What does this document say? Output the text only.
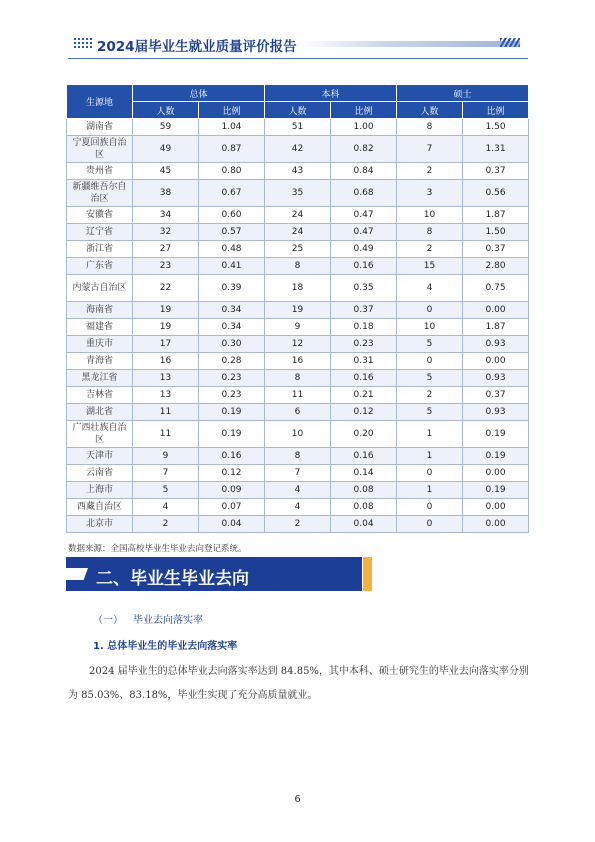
2024届毕业生就业质量评价报告
生源地	总体		本科		硕士	
	人数	比例	人数	比例	人数	比例
湖南省	59	1.04	51	1.00	8	1.50
宁夏回族自治区	49	0.87	42	0.82	7	1.31
贵州省	45	0.80	43	0.84	2	0.37
新疆维吾尔自治区	38	0.67	35	0.68	3	0.56
安徽省	34	0.60	24	0.47	10	1.87
辽宁省	32	0.57	24	0.47	8	1.50
浙江省	27	0.48	25	0.49	2	0.37
广东省	23	0.41	8	0.16	15	2.80
内蒙古自治区	22	0.39	18	0.35	4	0.75
海南省	19	0.34	19	0.37	0	0.00
福建省	19	0.34	9	0.18	10	1.87
重庆市	17	0.30	12	0.23	5	0.93
青海省	16	0.28	16	0.31	0	0.00
黑龙江省	13	0.23	8	0.16	5	0.93
吉林省	13	0.23	11	0.21	2	0.37
湖北省	11	0.19	6	0.12	5	0.93
广西壮族自治区	11	0.19	10	0.20	1	0.19
天津市	9	0.16	8	0.16	1	0.19
云南省	7	0.12	7	0.14	0	0.00
上海市	5	0.09	4	0.08	1	0.19
西藏自治区	4	0.07	4	0.08	0	0.00
北京市	2	0.04	2	0.04	0	0.00
数据来源：全国高校毕业生毕业去向登记系统。
二、毕业生毕业去向
（一） 毕业去向落实率
1. 总体毕业生的毕业去向落实率
2024 届毕业生的总体毕业去向落实率达到 84.85%，其中本科、硕士研究生的毕业去向落实率分别为 85.03%、83.18%，毕业生实现了充分高质量就业。
6
